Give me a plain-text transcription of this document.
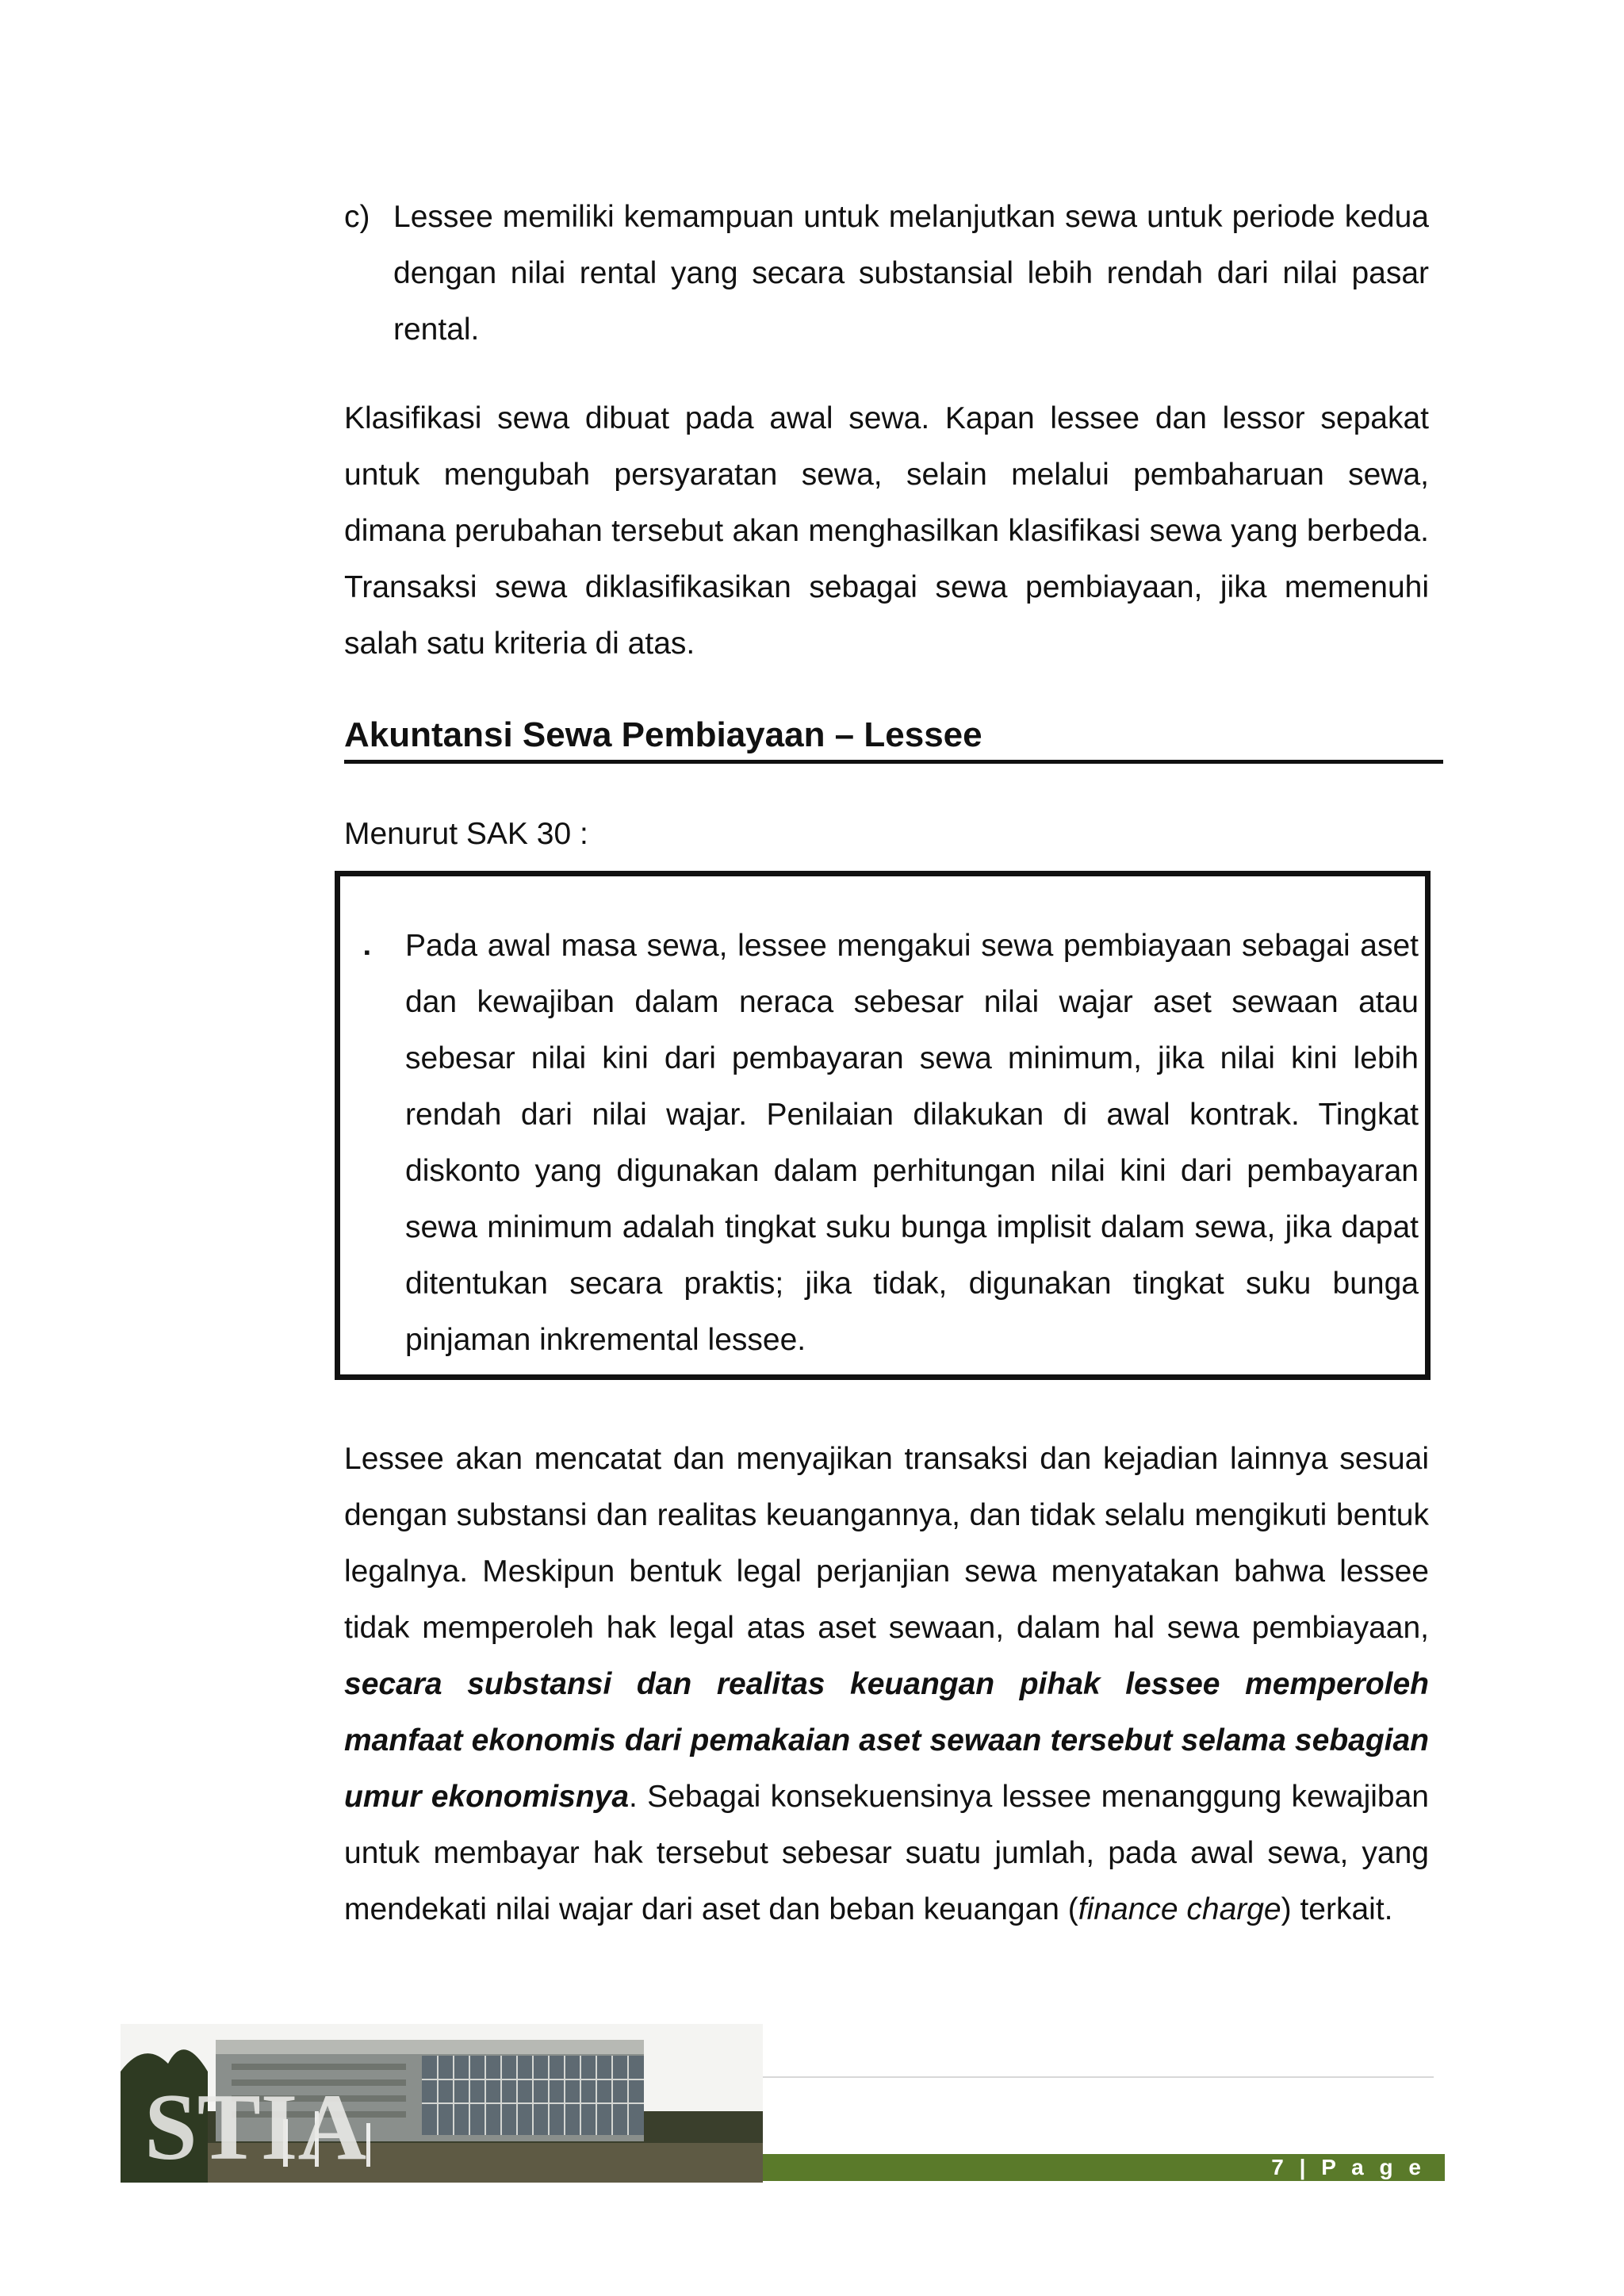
c) Lessee memiliki kemampuan untuk melanjutkan sewa untuk periode kedua dengan nilai rental yang secara substansial lebih rendah dari nilai pasar rental.
Klasifikasi sewa dibuat pada awal sewa. Kapan lessee dan lessor sepakat untuk mengubah persyaratan sewa, selain melalui pembaharuan sewa, dimana perubahan tersebut akan menghasilkan klasifikasi sewa yang berbeda. Transaksi sewa diklasifikasikan sebagai sewa pembiayaan, jika memenuhi salah satu kriteria di atas.
Akuntansi Sewa Pembiayaan – Lessee
Menurut SAK 30 :
▪ Pada awal masa sewa, lessee mengakui sewa pembiayaan sebagai aset dan kewajiban dalam neraca sebesar nilai wajar aset sewaan atau sebesar nilai kini dari pembayaran sewa minimum, jika nilai kini lebih rendah dari nilai wajar. Penilaian dilakukan di awal kontrak. Tingkat diskonto yang digunakan dalam perhitungan nilai kini dari pembayaran sewa minimum adalah tingkat suku bunga implisit dalam sewa, jika dapat ditentukan secara praktis; jika tidak, digunakan tingkat suku bunga pinjaman inkremental lessee.
Lessee akan mencatat dan menyajikan transaksi dan kejadian lainnya sesuai dengan substansi dan realitas keuangannya, dan tidak selalu mengikuti bentuk legalnya. Meskipun bentuk legal perjanjian sewa menyatakan bahwa lessee tidak memperoleh hak legal atas aset sewaan, dalam hal sewa pembiayaan, secara substansi dan realitas keuangan pihak lessee memperoleh manfaat ekonomis dari pemakaian aset sewaan tersebut selama sebagian umur ekonomisnya. Sebagai konsekuensinya lessee menanggung kewajiban untuk membayar hak tersebut sebesar suatu jumlah, pada awal sewa, yang mendekati nilai wajar dari aset dan beban keuangan (finance charge) terkait.
STIA	7 | P a g e
